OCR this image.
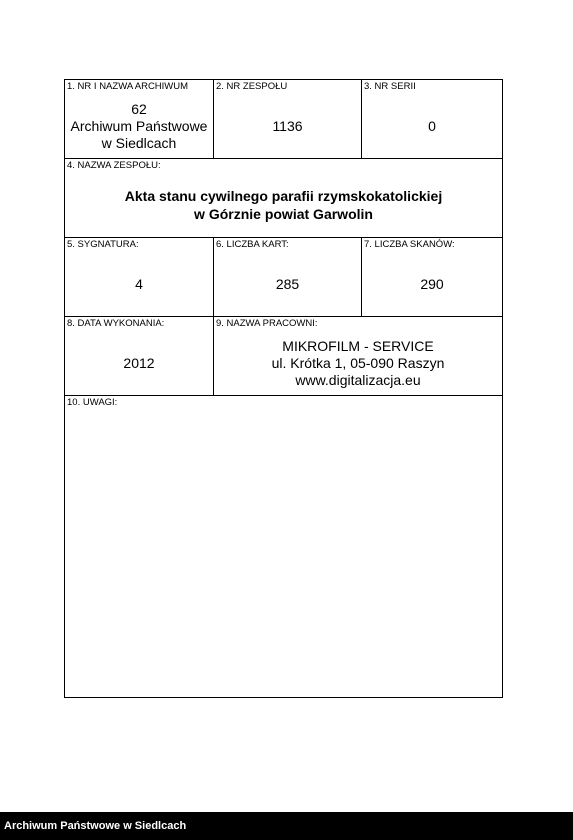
1. NR I NAZWA ARCHIWUM
62
Archiwum Państwowe
w Siedlcach
2. NR ZESPOŁU
1136
3. NR SERII
0
4. NAZWA ZESPOŁU:
Akta stanu cywilnego parafii rzymskokatolickiej
w Górznie powiat Garwolin
5. SYGNATURA:
4
6. LICZBA KART:
285
7. LICZBA SKANÓW:
290
8. DATA WYKONANIA:
2012
9. NAZWA PRACOWNI:
MIKROFILM - SERVICE
ul. Krótka 1, 05-090 Raszyn
www.digitalizacja.eu
10. UWAGI:
Archiwum Państwowe w Siedlcach
